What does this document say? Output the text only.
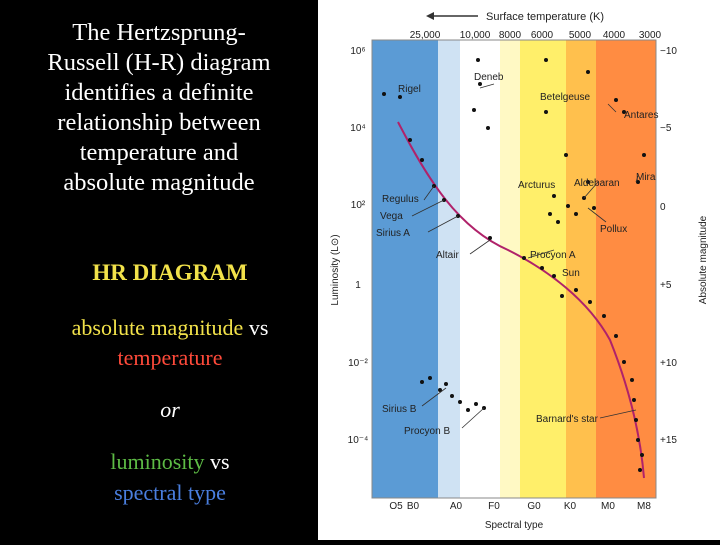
The Hertzsprung-
Russell (H-R) diagram
identifies a definite
relationship between
temperature and
absolute magnitude
HR DIAGRAM
absolute magnitude vs
temperature
or
luminosity vs
spectral type
Surface temperature (K)
25,000 10,000 8000 6000 5000 4000 3000
Luminosity (L⊙)
10⁶
10⁴
10²
1
10⁻²
10⁻⁴
Absolute magnitude
−10
−5
0
+5
+10
+15
O5 B0	A0	F0	G0 K0 M0 M8
Spectral type
Rigel
Deneb
Betelgeuse
Antares
Mira
Aldebaran
Arcturus
Pollux
Regulus
Vega
Sirius A
Altair	Procyon A
Sun
Sirius B
Procyon B
Barnard's star
